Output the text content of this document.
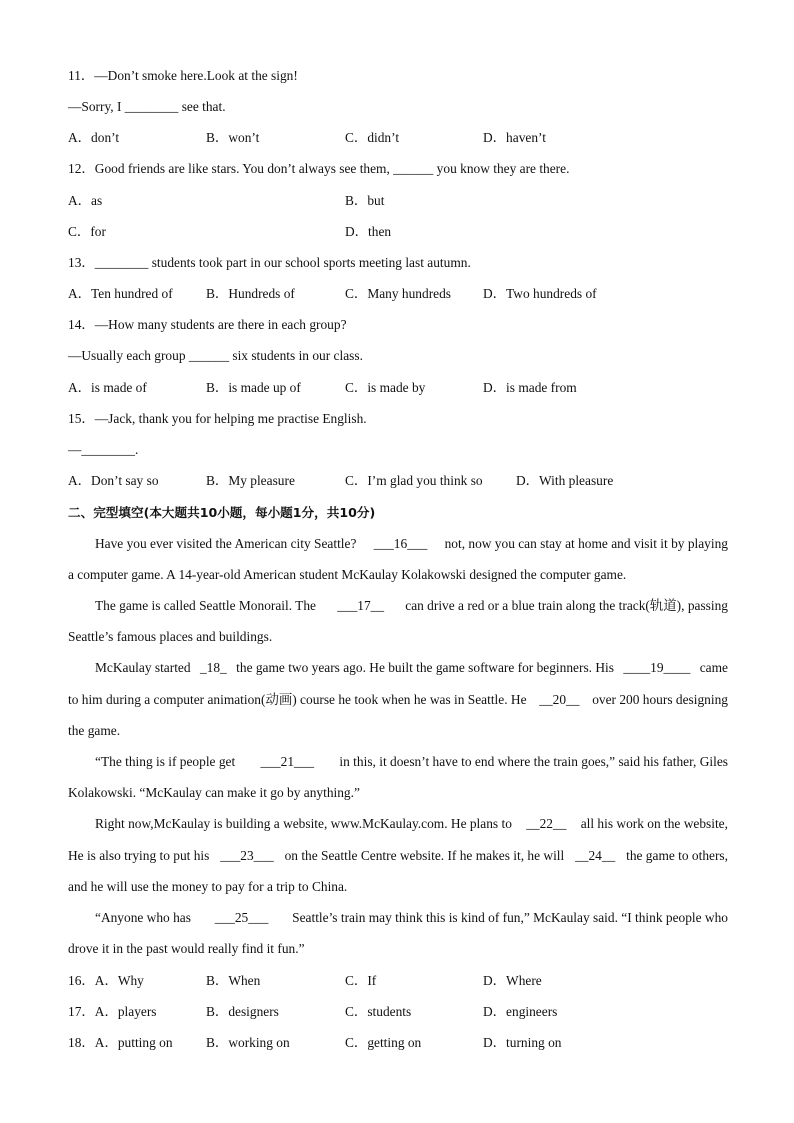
11．—Don’t smoke here.Look at the sign!
—Sorry, I ________ see that.
A．don’t	B．won’t	C．didn’t	D．haven’t
12．Good friends are like stars. You don’t always see them, ______ you know they are there.
A．as	B．but
C．for	D．then
13．________ students took part in our school sports meeting last autumn.
A．Ten hundred of B．Hundreds of	C．Many hundreds D．Two hundreds of
14．—How many students are there in each group?
—Usually each group ______ six students in our class.
A．is made of	B．is made up of	C．is made by	D．is made from
15．—Jack, thank you for helping me practise English.
—________.
A．Don’t say so	B．My pleasure	C．I’m glad you think so D．With pleasure
二、完型填空(本大题共10小题，每小题1分，共10分)
Have you ever visited the American city Seattle? ___16___ not, now you can stay at home and visit it by playing
a computer game. A 14-year-old American student McKaulay Kolakowski designed the computer game.
The game is called Seattle Monorail. The ___17__ can drive a red or a blue train along the track(轨道), passing
Seattle’s famous places and buildings.
McKaulay started _18_ the game two years ago. He built the game software for beginners. His ____19____ came
to him during a computer animation(动画) course he took when he was in Seattle. He __20__ over 200 hours designing
the game.
“The thing is if people get ___21___ in this, it doesn’t have to end where the train goes,” said his father, Giles
Kolakowski. “McKaulay can make it go by anything.”
Right now,McKaulay is building a website, www.McKaulay.com. He plans to __22__ all his work on the website,
He is also trying to put his ___23___ on the Seattle Centre website. If he makes it, he will __24__ the game to others,
and he will use the money to pay for a trip to China.
“Anyone who has ___25___ Seattle’s train may think this is kind of fun,” McKaulay said. “I think people who
drove it in the past would really find it fun.”
16．A．Why	B．When	C．If	D．Where
17．A．players	B．designers	C．students	D．engineers
18．A．putting on B．working on	C．getting on	D．turning on
